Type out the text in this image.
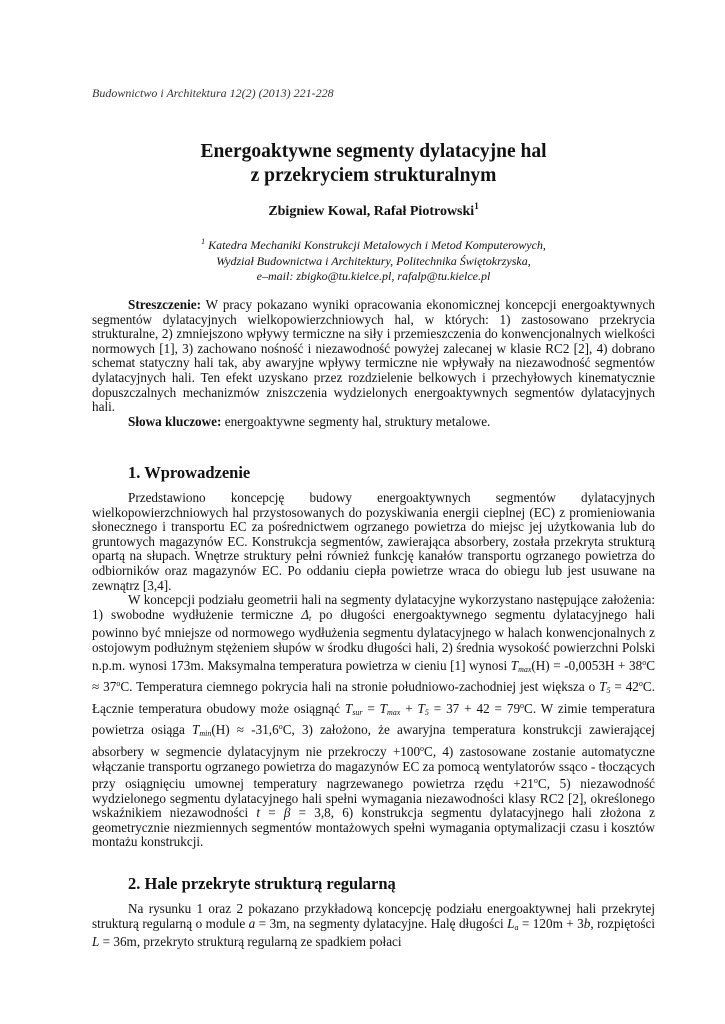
Budownictwo i Architektura 12(2) (2013) 221-228
Energoaktywne segmenty dylatacyjne hal
z przekryciem strukturalnym
Zbigniew Kowal, Rafał Piotrowski$^1$
$^1$ Katedra Mechaniki Konstrukcji Metalowych i Metod Komputerowych,
Wydział Budownictwa i Architektury, Politechnika Świętokrzyska,
e–mail: zbigko@tu.kielce.pl, rafalp@tu.kielce.pl

Streszczenie: W pracy pokazano wyniki opracowania ekonomicznej koncepcji energoaktywnych segmentów dylatacyjnych wielkopowierzchniowych hal, w których: 1) zastosowano przekrycia strukturalne, 2) zmniejszono wpływy termiczne na siły i przemieszczenia do konwencjonalnych wielkości normowych [1], 3) zachowano nośność i niezawodność powyżej zalecanej w klasie RC2 [2], 4) dobrano schemat statyczny hali tak, aby awaryjne wpływy termiczne nie wpływały na niezawodność segmentów dylatacyjnych hali. Ten efekt uzyskano przez rozdzielenie belkowych i przechyłowych kinematycznie dopuszczalnych mechanizmów zniszczenia wydzielonych energoaktywnych segmentów dylatacyjnych hali.

Słowa kluczowe: energoaktywne segmenty hal, struktury metalowe.

1. Wprowadzenie

Przedstawiono koncepcję budowy energoaktywnych segmentów dylatacyjnych wielkopowierzchniowych hal przystosowanych do pozyskiwania energii cieplnej (EC) z promieniowania słonecznego i transportu EC za pośrednictwem ogrzanego powietrza do miejsc jej użytkowania lub do gruntowych magazynów EC. Konstrukcja segmentów, zawierająca absorbery, została przekryta strukturą opartą na słupach. Wnętrze struktury pełni również funkcję kanałów transportu ogrzanego powietrza do odbiorników oraz magazynów EC. Po oddaniu ciepła powietrze wraca do obiegu lub jest usuwane na zewnątrz [3,4].

W koncepcji podziału geometrii hali na segmenty dylatacyjne wykorzystano następujące założenia: 1) swobodne wydłużenie termiczne $\Delta_t$ po długości energoaktywnego segmentu dylatacyjnego hali powinno być mniejsze od normowego wydłużenia segmentu dylatacyjnego w halach konwencjonalnych z ostojowym podłużnym stężeniem słupów w środku długości hali, 2) średnia wysokość powierzchni Polski n.p.m. wynosi 173m. Maksymalna temperatura powietrza w cieniu [1] wynosi $T_{max}(H) = -0,0053H + 38^oC \approx 37^oC$. Temperatura ciemnego pokrycia hali na stronie południowo-zachodniej jest większa o $T_5 = 42^oC$. Łącznie temperatura obudowy może osiągnąć $T_{sur} = T_{max} + T_5 = 37 + 42 = 79^oC$. W zimie temperatura powietrza osiąga $T_{min}(H) \approx -31,6^oC$, 3) założono, że awaryjna temperatura konstrukcji zawierającej absorbery w segmencie dylatacyjnym nie przekroczy $+100^oC$, 4) zastosowane zostanie automatyczne włączanie transportu ogrzanego powietrza do magazynów EC za pomocą wentylatorów ssąco - tłoczących przy osiągnięciu umownej temperatury nagrzewanego powietrza rzędu $+21^oC$, 5) niezawodność wydzielonego segmentu dylatacyjnego hali spełni wymagania niezawodności klasy RC2 [2], określonego wskaźnikiem niezawodności t = β = 3,8, 6) konstrukcja segmentu dylatacyjnego hali złożona z geometrycznie niezmiennych segmentów montażowych spełni wymagania optymalizacji czasu i kosztów montażu konstrukcji.

2. Hale przekryte strukturą regularną

Na rysunku 1 oraz 2 pokazano przykładową koncepcję podziału energoaktywnej hali przekrytej strukturą regularną o module a = 3m, na segmenty dylatacyjne. Halę długości $L_a = 120m + 3b$, rozpiętości L = 36m, przekryto strukturą regularną ze spadkiem połaci
